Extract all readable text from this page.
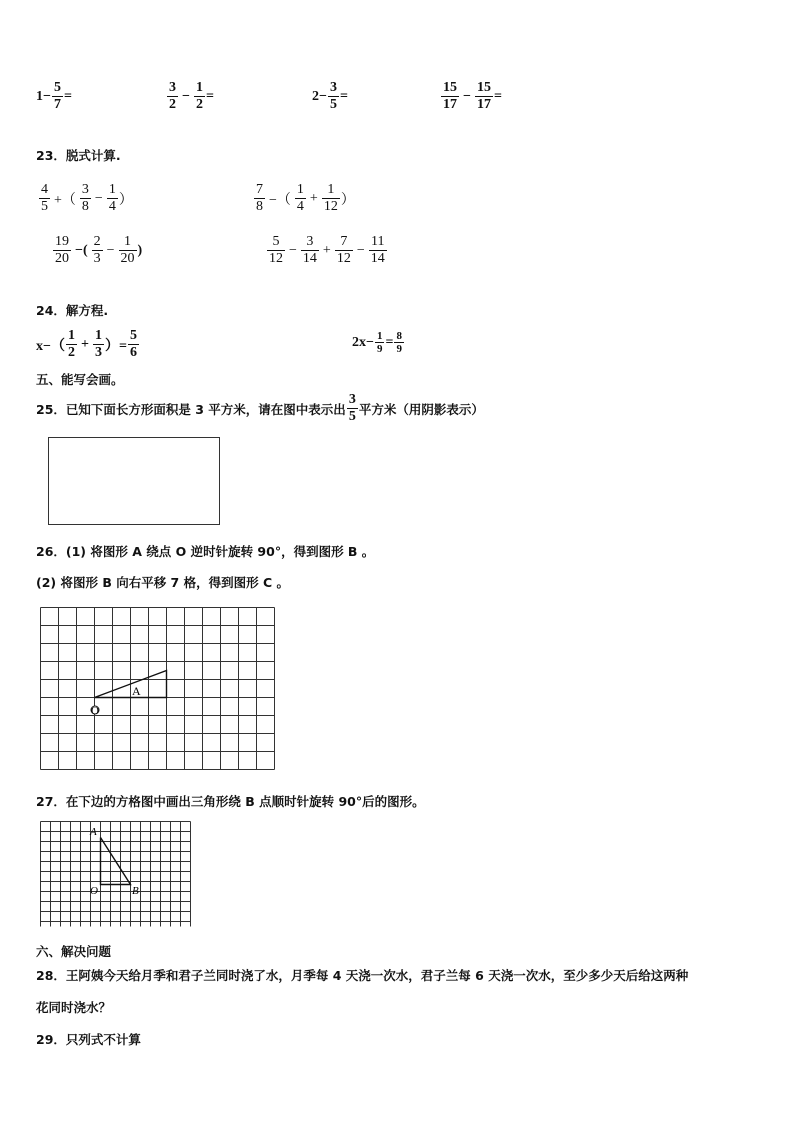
$1- \frac{5}{7}$ =	$\frac{3}{2} - \frac{1}{2}$ =	$2- \frac{3}{5}$ =	$\frac{15}{17} - \frac{15}{17}$ =
23．脱式计算.
$\frac{4}{5}$ +（ $\frac{3}{8} - \frac{1}{4}$ ）	$\frac{7}{8}$ −（ $\frac{1}{4} + \frac{1}{12}$ ）
$\frac{19}{20}$ −( $\frac{2}{3} - \frac{1}{20}$ )	$\frac{5}{12} - \frac{3}{14} + \frac{7}{12} - \frac{11}{14}$
24．解方程.
$x-( \frac{1}{2} + \frac{1}{3}$ ）= $\frac{5}{6}$	$2x- \frac{1}{9} = \frac{8}{9}$
五、能写会画。
25．已知下面长方形面积是 3 平方米，请在图中表示出 $\frac{3}{5}$ 平方米（用阴影表示）
26．(1) 将图形 A 绕点 O 逆时针旋转 90°，得到图形 B 。
(2) 将图形 B 向右平移 7 格，得到图形 C 。
A
O
27．在下边的方格图中画出三角形绕 B 点顺时针旋转 90°后的图形。
A
O	B
六、解决问题
28．王阿姨今天给月季和君子兰同时浇了水，月季每 4 天浇一次水，君子兰每 6 天浇一次水，至少多少天后给这两种
花同时浇水？
29．只列式不计算
